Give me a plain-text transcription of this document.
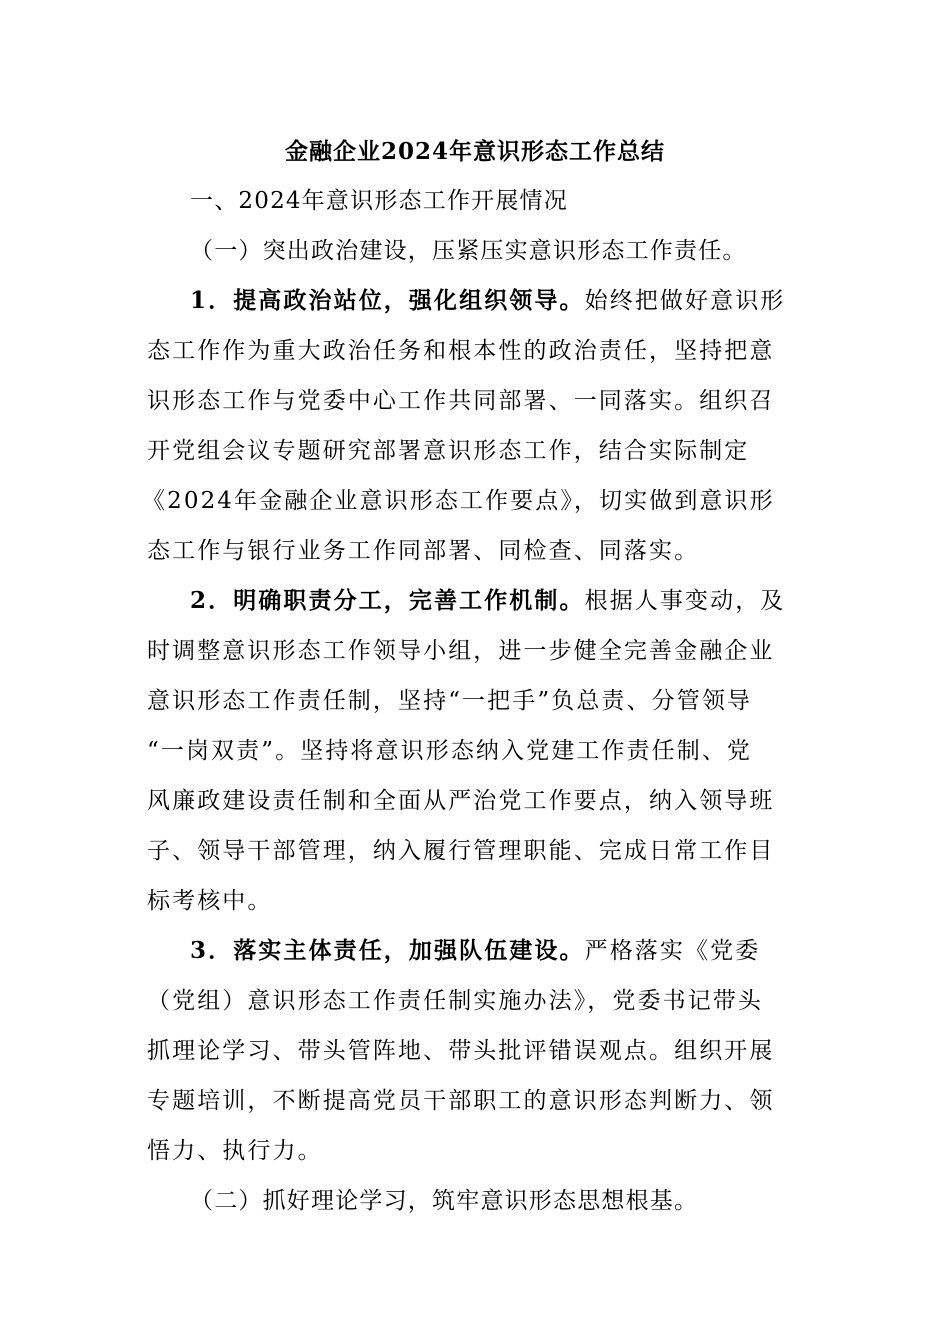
金融企业2024年意识形态工作总结
一、2024年意识形态工作开展情况
（一）突出政治建设，压紧压实意识形态工作责任。
1．提高政治站位，强化组织领导。始终把做好意识形
态工作作为重大政治任务和根本性的政治责任，坚持把意
识形态工作与党委中心工作共同部署、一同落实。组织召
开党组会议专题研究部署意识形态工作，结合实际制定
《2024年金融企业意识形态工作要点》，切实做到意识形
态工作与银行业务工作同部署、同检查、同落实。
2．明确职责分工，完善工作机制。根据人事变动，及
时调整意识形态工作领导小组，进一步健全完善金融企业
意识形态工作责任制，坚持“一把手”负总责、分管领导
“一岗双责”。坚持将意识形态纳入党建工作责任制、党
风廉政建设责任制和全面从严治党工作要点，纳入领导班
子、领导干部管理，纳入履行管理职能、完成日常工作目
标考核中。
3．落实主体责任，加强队伍建设。严格落实《党委
（党组）意识形态工作责任制实施办法》，党委书记带头
抓理论学习、带头管阵地、带头批评错误观点。组织开展
专题培训，不断提高党员干部职工的意识形态判断力、领
悟力、执行力。
（二）抓好理论学习，筑牢意识形态思想根基。
